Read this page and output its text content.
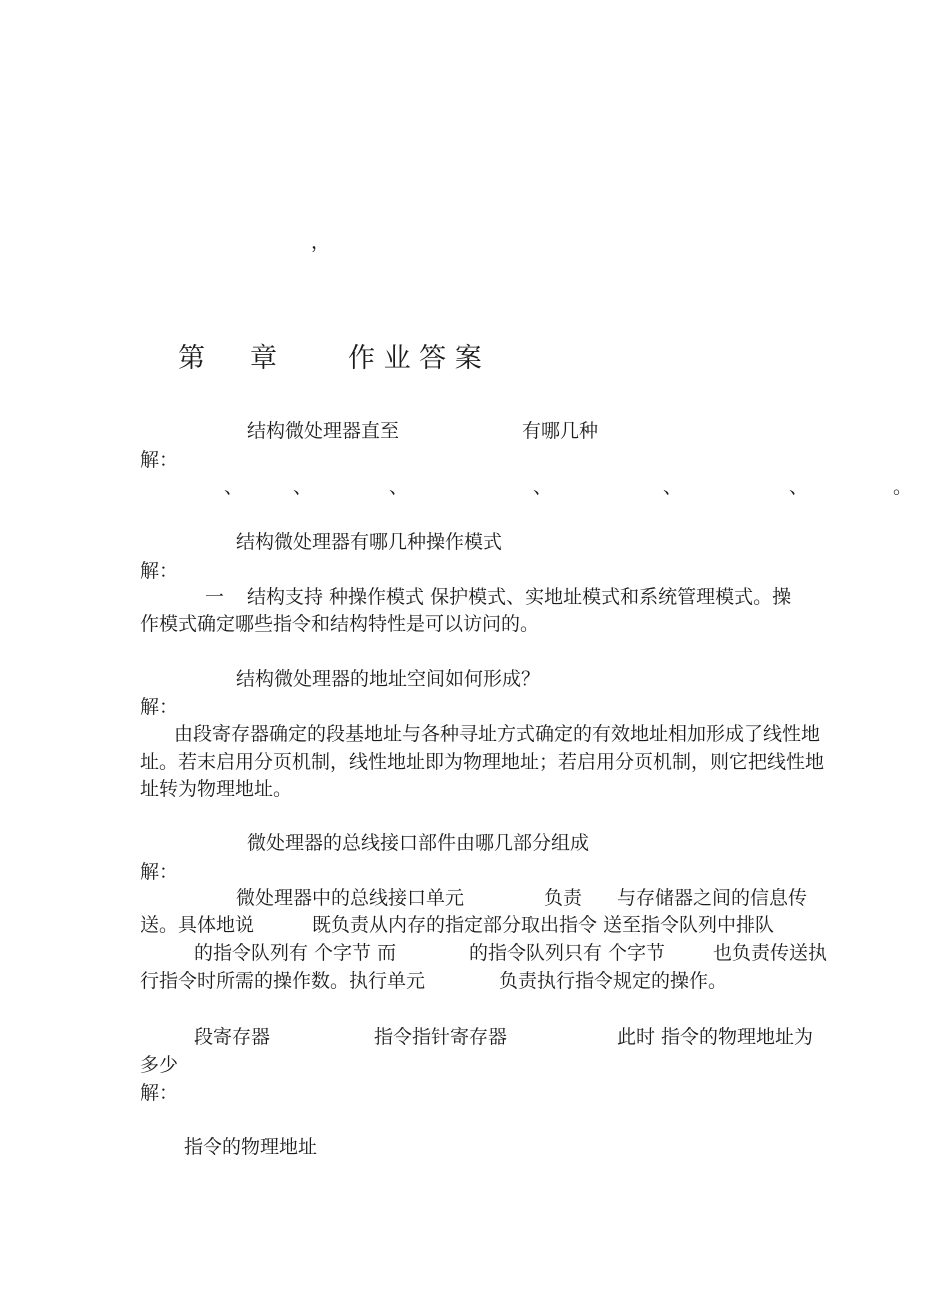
，
第 章	作 业 答 案
结构微处理器直至	有哪几种
解：
、	、	、	、	、	、	。
结构微处理器有哪几种操作模式
解：
一 结构支持 种操作模式 保护模式、实地址模式和系统管理模式。操
作模式确定哪些指令和结构特性是可以访问的。
结构微处理器的地址空间如何形成？
解：
由段寄存器确定的段基地址与各种寻址方式确定的有效地址相加形成了线性地
址。若末启用分页机制，线性地址即为物理地址；若启用分页机制，则它把线性地
址转为物理地址。
微处理器的总线接口部件由哪几部分组成
解：
微处理器中的总线接口单元	负责 与存储器之间的信息传
送。具体地说	既负责从内存的指定部分取出指令 送至指令队列中排队
的指令队列有 个字节 而	的指令队列只有 个字节	也负责传送执
行指令时所需的操作数。执行单元	负责执行指令规定的操作。
段寄存器	指令指针寄存器	此时 指令的物理地址为
多少
解：
指令的物理地址
